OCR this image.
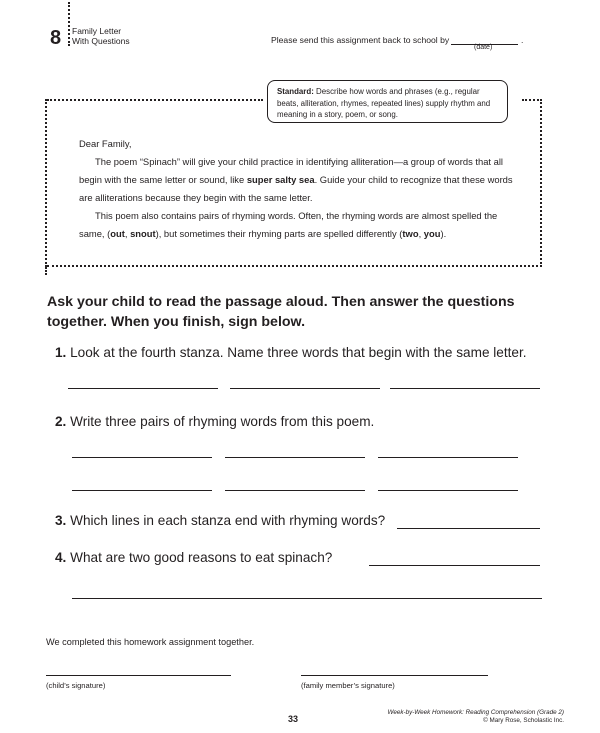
8 Family Letter
With Questions	Please send this assignment back to school by	.
(date)
Standard: Describe how words and phrases (e.g., regular beats, alliteration, rhymes, repeated lines) supply rhythm and meaning in a story, poem, or song.

Dear Family,

The poem “Spinach” will give your child practice in identifying alliteration—a group of words that all begin with the same letter or sound, like super salty sea. Guide your child to recognize that these words are alliterations because they begin with the same letter.

This poem also contains pairs of rhyming words. Often, the rhyming words are almost spelled the same, (out, snout), but sometimes their rhyming parts are spelled differently (two, you).

Ask your child to read the passage aloud. Then answer the questions
together. When you finish, sign below.
1. Look at the fourth stanza. Name three words that begin with the same letter.
2. Write three pairs of rhyming words from this poem.
3. Which lines in each stanza end with rhyming words?
4. What are two good reasons to eat spinach?
We completed this homework assignment together.
(child’s signature)	(family member’s signature)
33
Week-by-Week Homework: Reading Comprehension (Grade 2)
© Mary Rose, Scholastic Inc.
